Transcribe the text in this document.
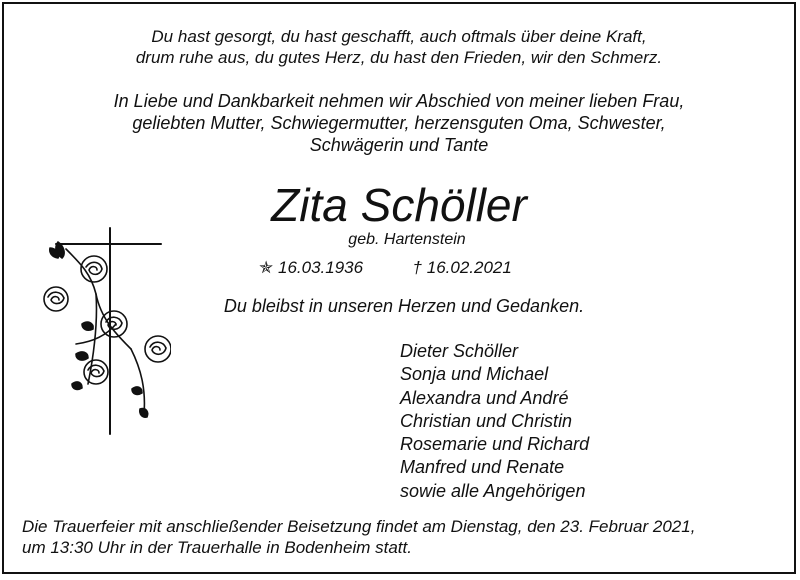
Du hast gesorgt, du hast geschafft, auch oftmals über deine Kraft,
drum ruhe aus, du gutes Herz, du hast den Frieden, wir den Schmerz.
In Liebe und Dankbarkeit nehmen wir Abschied von meiner lieben Frau,
geliebten Mutter, Schwiegermutter, herzensguten Oma, Schwester,
Schwägerin und Tante
Zita Schöller
geb. Hartenstein
✯ 16.03.1936	† 16.02.2021
Du bleibst in unseren Herzen und Gedanken.
Dieter Schöller
Sonja und Michael
Alexandra und André
Christian und Christin
Rosemarie und Richard
Manfred und Renate
sowie alle Angehörigen
Die Trauerfeier mit anschließender Beisetzung findet am Dienstag, den 23. Februar 2021,
um 13:30 Uhr in der Trauerhalle in Bodenheim statt.
